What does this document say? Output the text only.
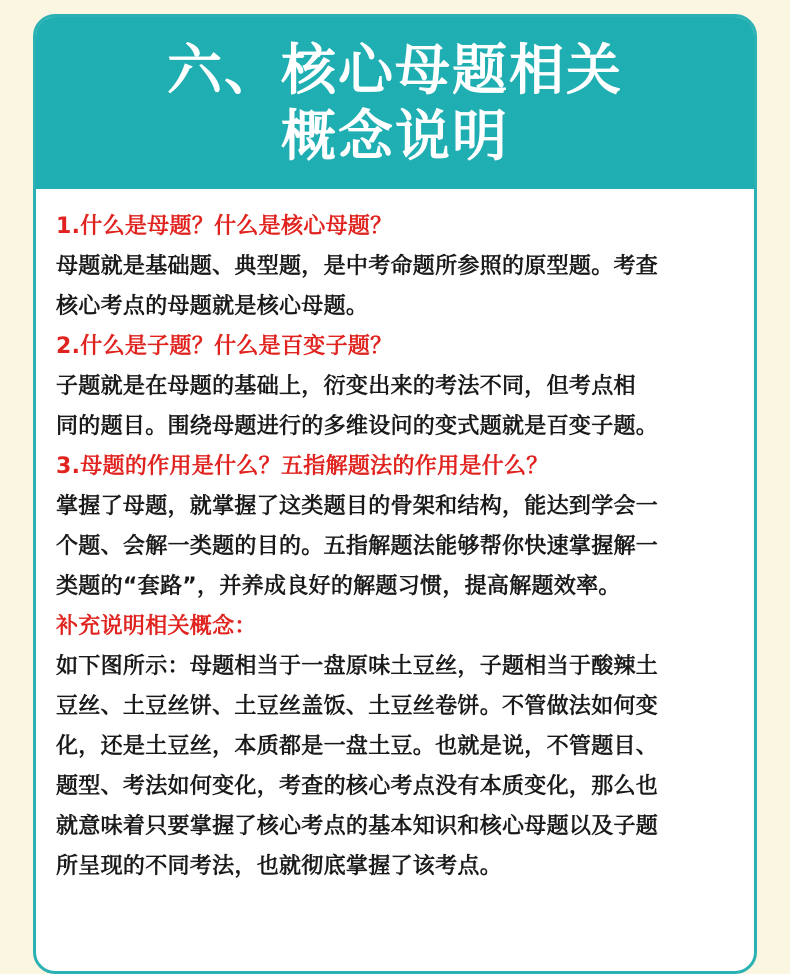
六、核心母题相关
概念说明
1.什么是母题？什么是核心母题？
母题就是基础题、典型题，是中考命题所参照的原型题。考查
核心考点的母题就是核心母题。
2.什么是子题？什么是百变子题？
子题就是在母题的基础上，衍变出来的考法不同，但考点相
同的题目。围绕母题进行的多维设问的变式题就是百变子题。
3.母题的作用是什么？五指解题法的作用是什么？
掌握了母题，就掌握了这类题目的骨架和结构，能达到学会一
个题、会解一类题的目的。五指解题法能够帮你快速掌握解一
类题的“套路”，并养成良好的解题习惯，提高解题效率。
补充说明相关概念：
如下图所示：母题相当于一盘原味土豆丝，子题相当于酸辣土
豆丝、土豆丝饼、土豆丝盖饭、土豆丝卷饼。不管做法如何变
化，还是土豆丝，本质都是一盘土豆。也就是说，不管题目、
题型、考法如何变化，考查的核心考点没有本质变化，那么也
就意味着只要掌握了核心考点的基本知识和核心母题以及子题
所呈现的不同考法，也就彻底掌握了该考点。
